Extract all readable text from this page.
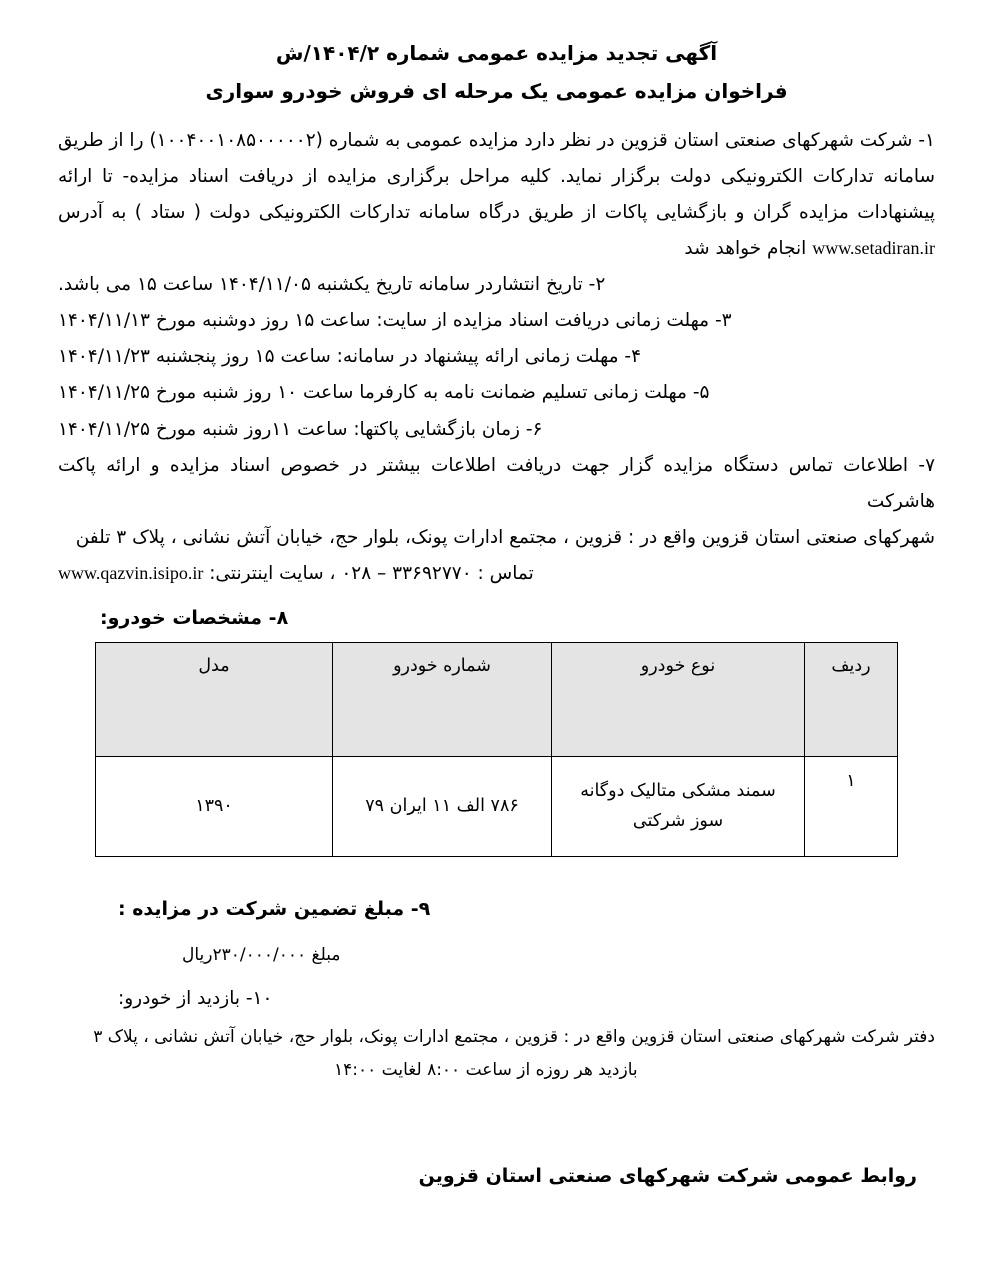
آگهی تجدید مزایده عمومی شماره ۱۴۰۴/۲/ش
فراخوان مزایده عمومی یک مرحله ای فروش خودرو سواری
۱- شرکت شهرکهای صنعتی استان قزوین در نظر دارد مزایده عمومی به شماره (۱۰۰۴۰۰۱۰۸۵۰۰۰۰۰۲) را از طریق سامانه تدارکات الکترونیکی دولت برگزار نماید. کلیه مراحل برگزاری مزایده از دریافت اسناد مزایده- تا ارائه پیشنهادات مزایده گران و بازگشایی پاکات از طریق درگاه سامانه تدارکات الکترونیکی دولت ( ستاد ) به آدرس www.setadiran.ir انجام خواهد شد
۲- تاریخ انتشاردر سامانه تاریخ یکشنبه ۱۴۰۴/۱۱/۰۵ ساعت ۱۵ می باشد.
۳- مهلت زمانی دریافت اسناد مزایده از سایت: ساعت ۱۵ روز دوشنبه مورخ ۱۴۰۴/۱۱/۱۳
۴- مهلت زمانی ارائه پیشنهاد در سامانه: ساعت ۱۵ روز پنجشنبه ۱۴۰۴/۱۱/۲۳
۵- مهلت زمانی تسلیم ضمانت نامه به کارفرما ساعت ۱۰ روز شنبه مورخ ۱۴۰۴/۱۱/۲۵
۶- زمان بازگشایی پاکتها: ساعت ۱۱روز شنبه مورخ ۱۴۰۴/۱۱/۲۵
۷- اطلاعات تماس دستگاه مزایده گزار جهت دریافت اطلاعات بیشتر در خصوص اسناد مزایده و ارائه پاکت هاشرکت
شهرکهای صنعتی استان قزوین واقع در : قزوین ، مجتمع ادارات پونک، بلوار حج، خیابان آتش نشانی ، پلاک ۳ تلفن
تماس : ۳۳۶۹۲۷۷۰ – ۰۲۸ ، سایت اینترنتی: www.qazvin.isipo.ir
۸- مشخصات خودرو:
ردیف	نوع خودرو	شماره خودرو	مدل
۱	سمند مشکی متالیک دوگانه سوز شرکتی	۷۸۶ الف ۱۱ ایران ۷۹	۱۳۹۰
۹- مبلغ تضمین شرکت در مزایده :
مبلغ ۲۳۰/۰۰۰/۰۰۰ریال
۱۰- بازدید از خودرو:
دفتر شرکت شهرکهای صنعتی استان قزوین واقع در : قزوین ، مجتمع ادارات پونک، بلوار حج، خیابان آتش نشانی ، پلاک ۳
بازدید هر روزه از ساعت ۸:۰۰ لغایت ۱۴:۰۰
روابط عمومی شرکت شهرکهای صنعتی استان قزوین
